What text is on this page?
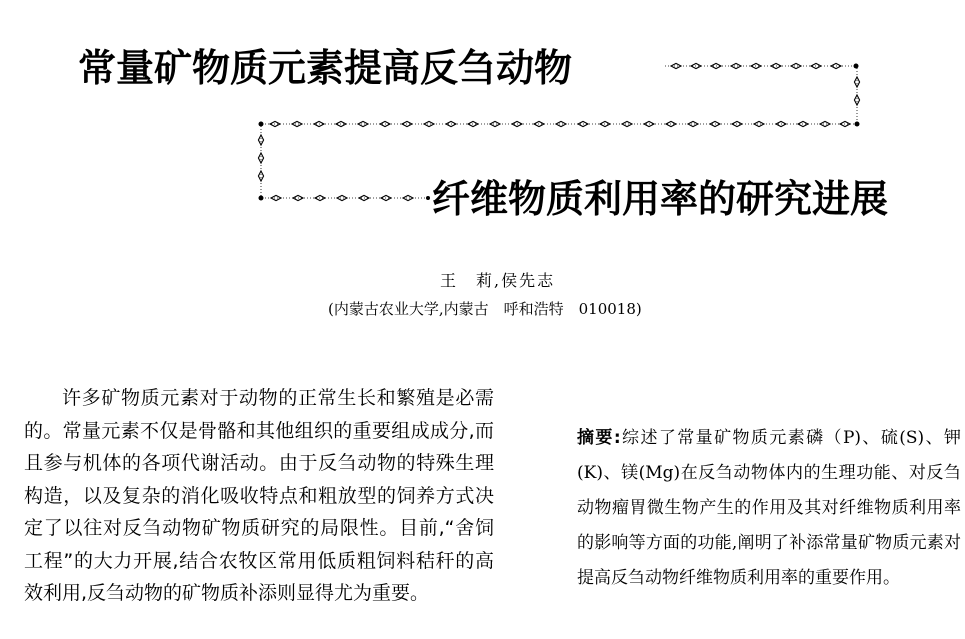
常量矿物质元素提高反刍动物
纤维物质利用率的研究进展
王　莉,侯先志
(内蒙古农业大学,内蒙古　呼和浩特　010018)

许多矿物质元素对于动物的正常生长和繁殖是必需的。常量元素不仅是骨骼和其他组织的重要组成成分,而且参与机体的各项代谢活动。由于反刍动物的特殊生理构造，以及复杂的消化吸收特点和粗放型的饲养方式决定了以往对反刍动物矿物质研究的局限性。目前,“舍饲工程”的大力开展,结合农牧区常用低质粗饲料秸秆的高效利用,反刍动物的矿物质补添则显得尤为重要。

摘要:综述了常量矿物质元素磷（P)、硫(S)、钾(K)、镁(Mg)在反刍动物体内的生理功能、对反刍动物瘤胃微生物产生的作用及其对纤维物质利用率的影响等方面的功能,阐明了补添常量矿物质元素对提高反刍动物纤维物质利用率的重要作用。
